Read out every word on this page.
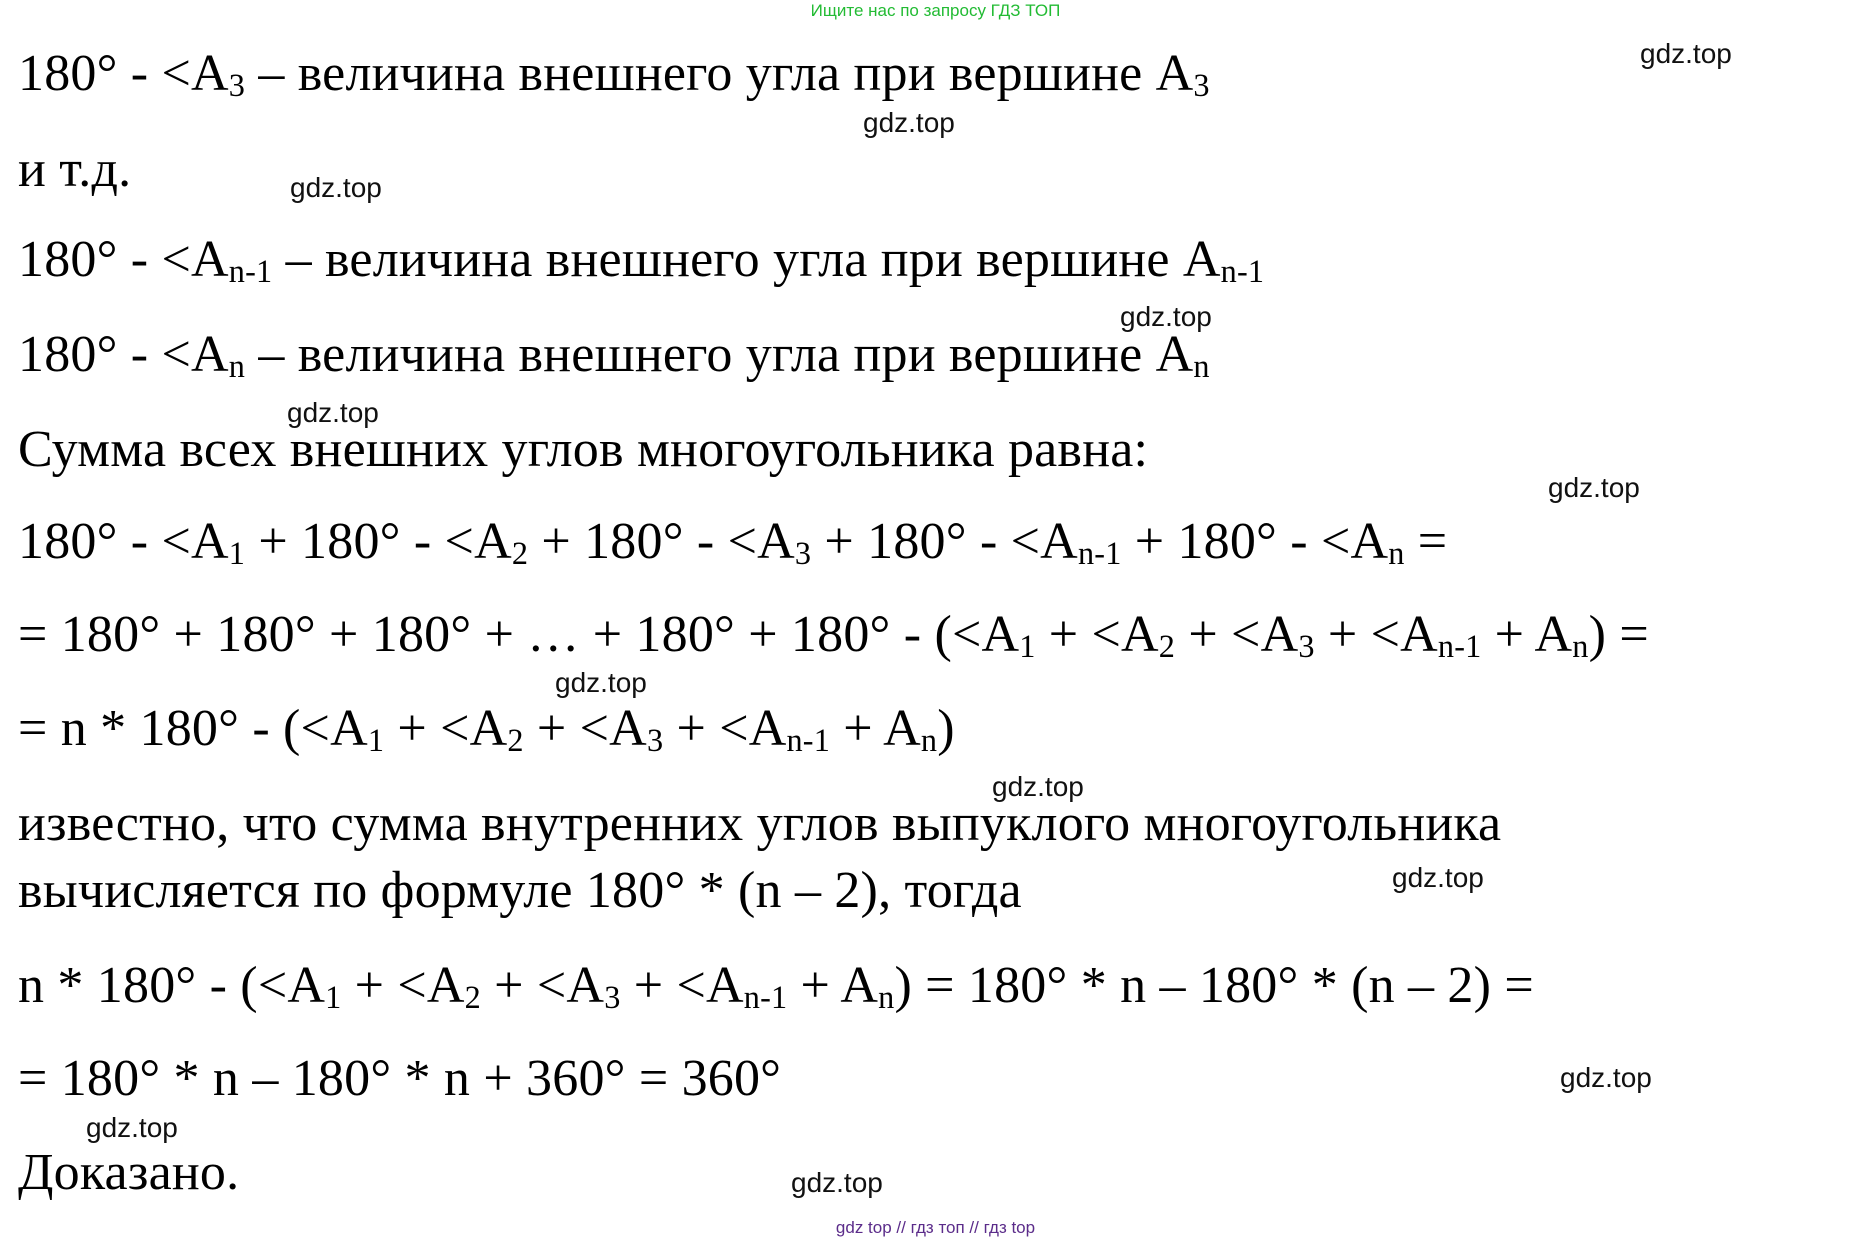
Ищите нас по запросу ГДЗ ТОП
$180^\circ - <A_3$ – величина внешнего угла при вершине $A_3$
и т.д.
$180^\circ - <A_{n-1}$ – величина внешнего угла при вершине $A_{n-1}$
$180^\circ - <A_n$ – величина внешнего угла при вершине $A_n$
Сумма всех внешних углов многоугольника равна:
$180^\circ - <A_1 + 180^\circ - <A_2 + 180^\circ - <A_3 + 180^\circ - <A_{n-1} + 180^\circ - <A_n$ =
= 180° + 180° + 180° + … + $180^\circ + 180^\circ - (<A_1 + <A_2 + <A_3 + <A_{n-1} + A_n)$ =
= $n * 180^\circ - (<A_1 + <A_2 + <A_3 + <A_{n-1} + A_n)$
известно, что сумма внутренних углов выпуклого многоугольника
вычисляется по формуле 180° * (n – 2), тогда
$n * 180^\circ - (<A_1 + <A_2 + <A_3 + <A_{n-1} + A_n) = 180^\circ * n - 180^\circ * (n - 2)$ =
= 180° * n – 180° * n + 360° = 360°
Доказано.
gdz.top
gdz.top
gdz.top
gdz.top
gdz.top
gdz.top
gdz.top
gdz.top
gdz.top
gdz.top
gdz.top
gdz.top
gdz top // гдз топ // гдз top
